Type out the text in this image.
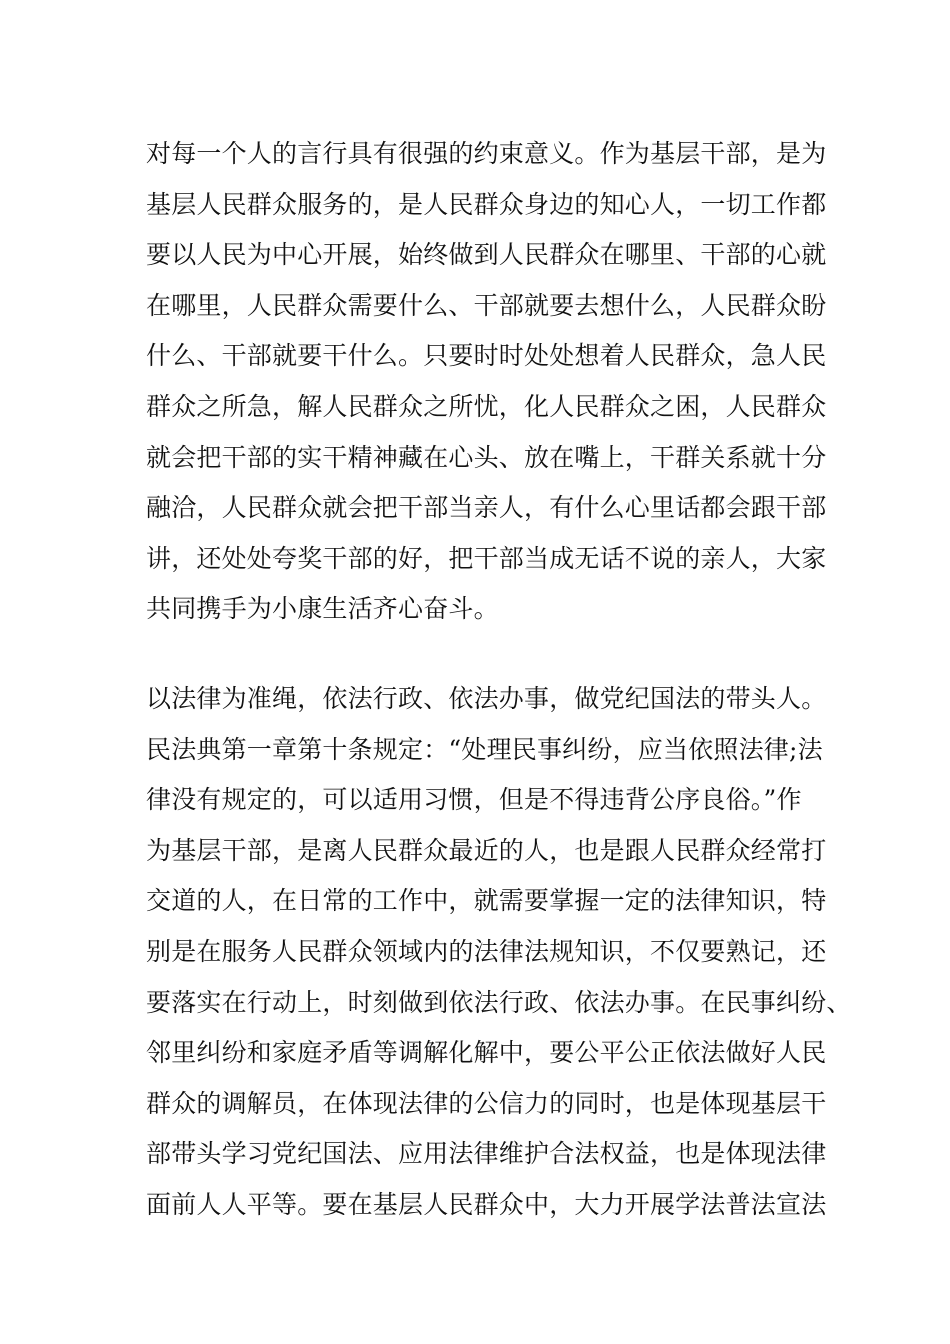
对每一个人的言行具有很强的约束意义。作为基层干部，是为
基层人民群众服务的，是人民群众身边的知心人，一切工作都
要以人民为中心开展，始终做到人民群众在哪里、干部的心就
在哪里，人民群众需要什么、干部就要去想什么，人民群众盼
什么、干部就要干什么。只要时时处处想着人民群众，急人民
群众之所急，解人民群众之所忧，化人民群众之困，人民群众
就会把干部的实干精神藏在心头、放在嘴上，干群关系就十分
融洽，人民群众就会把干部当亲人，有什么心里话都会跟干部
讲，还处处夸奖干部的好，把干部当成无话不说的亲人，大家
共同携手为小康生活齐心奋斗。
以法律为准绳，依法行政、依法办事，做党纪国法的带头人。
民法典第一章第十条规定：“处理民事纠纷，应当依照法律;法
律没有规定的，可以适用习惯，但是不得违背公序良俗。”作
为基层干部，是离人民群众最近的人，也是跟人民群众经常打
交道的人，在日常的工作中，就需要掌握一定的法律知识，特
别是在服务人民群众领域内的法律法规知识，不仅要熟记，还
要落实在行动上，时刻做到依法行政、依法办事。在民事纠纷、
邻里纠纷和家庭矛盾等调解化解中，要公平公正依法做好人民
群众的调解员，在体现法律的公信力的同时，也是体现基层干
部带头学习党纪国法、应用法律维护合法权益，也是体现法律
面前人人平等。要在基层人民群众中，大力开展学法普法宣法
